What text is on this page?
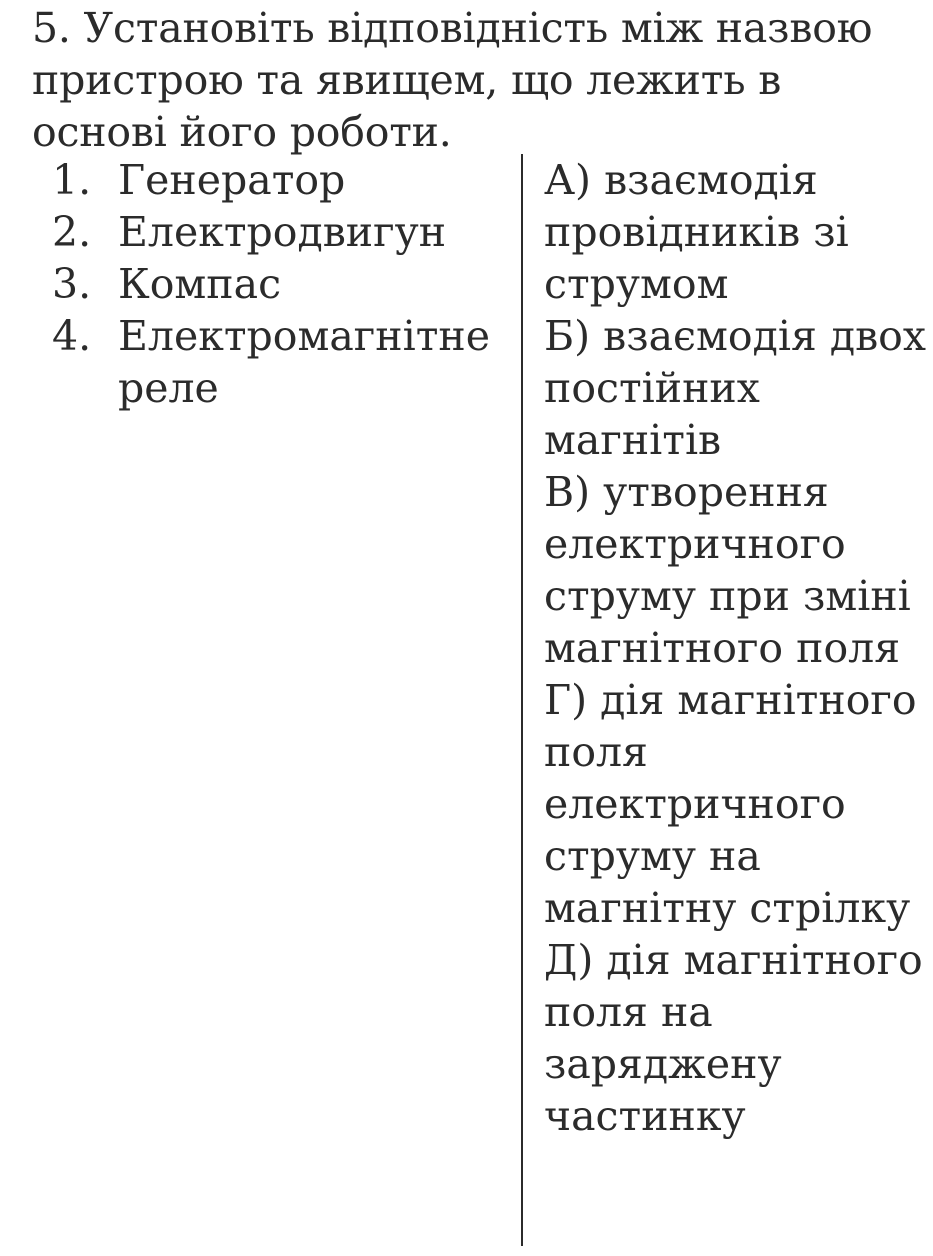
5. Установіть відповідність між назвою пристрою та явищем, що лежить в основі його роботи.

1. Генератор
2. Електродвигун
3. Компас
4. Електромагнітне реле

А) взаємодія провідників зі струмом

Б) взаємодія двох постійних магнітів

В) утворення електричного струму при зміні магнітного поля

Г) дія магнітного поля електричного струму на магнітну стрілку

Д) дія магнітного поля на заряджену частинку
